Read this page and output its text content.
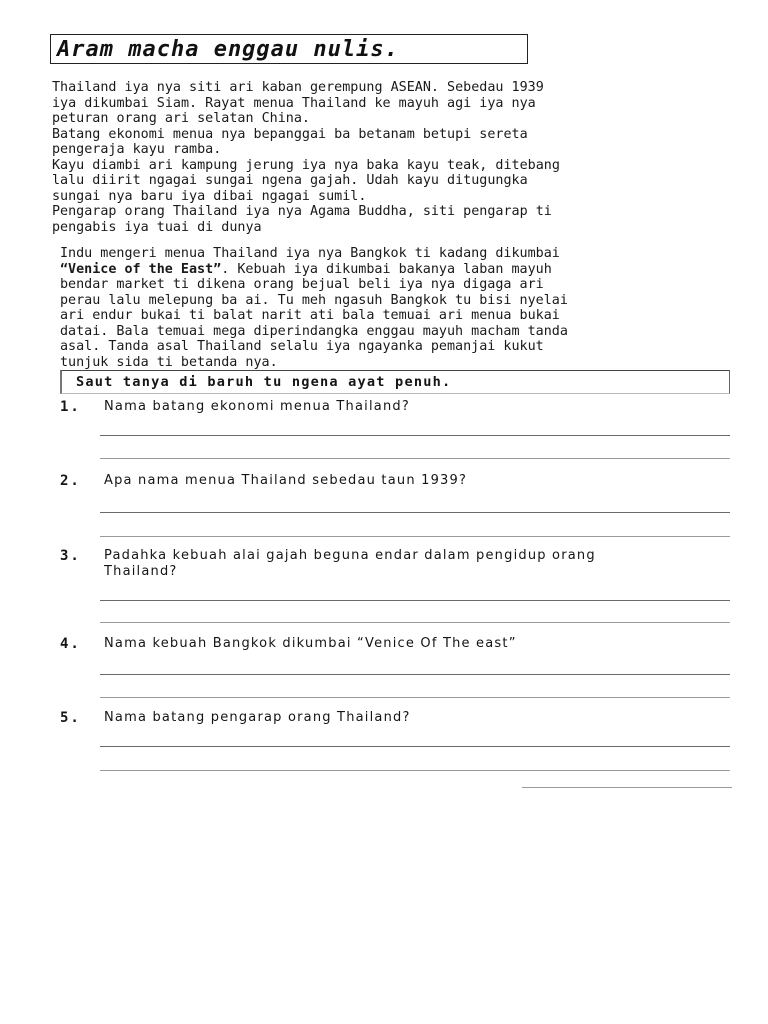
Aram macha enggau nulis.
Thailand iya nya siti ari kaban gerempung ASEAN. Sebedau 1939
iya dikumbai Siam. Rayat menua Thailand ke mayuh agi iya nya
peturan orang ari selatan China.
Batang ekonomi menua nya bepanggai ba betanam betupi sereta
pengeraja kayu ramba.
Kayu diambi ari kampung jerung iya nya baka kayu teak, ditebang
lalu diirit ngagai sungai ngena gajah. Udah kayu ditugungka
sungai nya baru iya dibai ngagai sumil.
Pengarap orang Thailand iya nya Agama Buddha, siti pengarap ti
pengabis iya tuai di dunya
Indu mengeri menua Thailand iya nya Bangkok ti kadang dikumbai
“Venice of the East”. Kebuah iya dikumbai bakanya laban mayuh
bendar market ti dikena orang bejual beli iya nya digaga ari
perau lalu melepung ba ai. Tu meh ngasuh Bangkok tu bisi nyelai
ari endur bukai ti balat narit ati bala temuai ari menua bukai
datai. Bala temuai mega diperindangka enggau mayuh macham tanda
asal. Tanda asal Thailand selalu iya ngayanka pemanjai kukut
tunjuk sida ti betanda nya.
Saut tanya di baruh tu ngena ayat penuh.
1.	Nama batang ekonomi menua Thailand?
2.	Apa nama menua Thailand sebedau taun 1939?
3.	Padahka kebuah alai gajah beguna endar dalam pengidup orang
Thailand?
4.	Nama kebuah Bangkok dikumbai “Venice Of The east”
5.	Nama batang pengarap orang Thailand?
